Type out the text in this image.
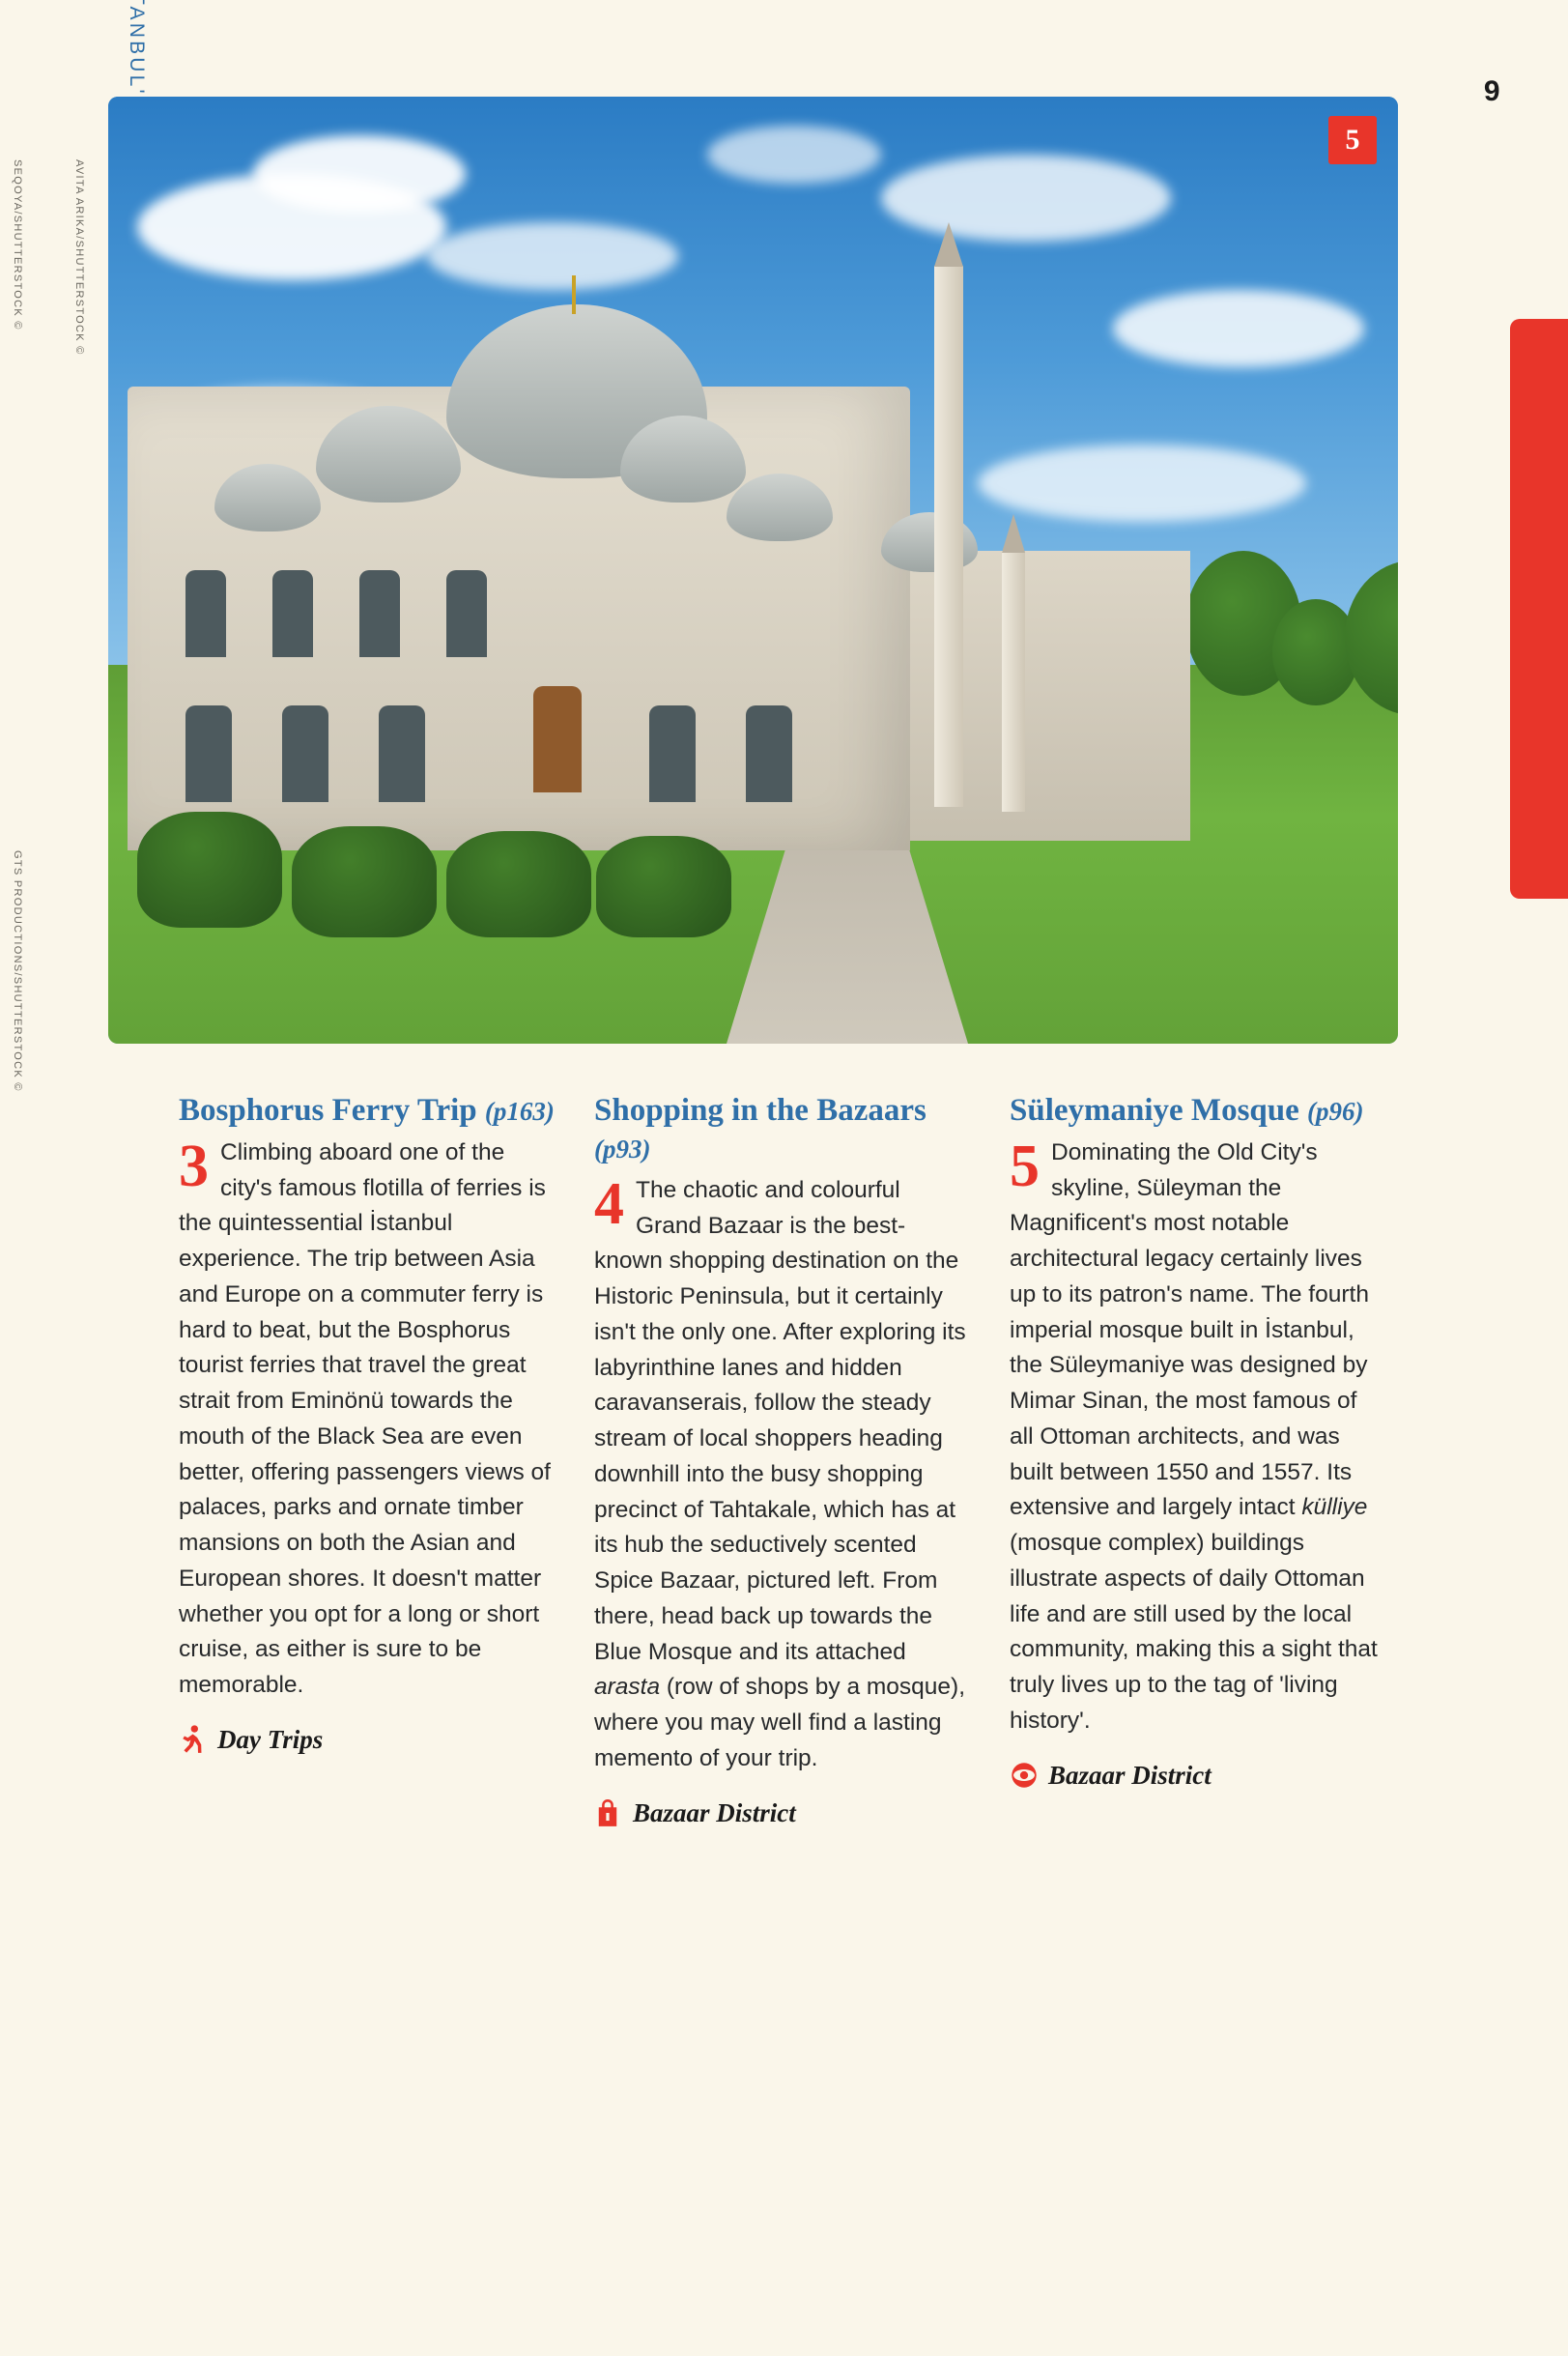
9
SEQOYA/SHUTTERSTOCK ©	AVITA ARIKA/SHUTTERSTOCK ©
GTS PRODUCTIONS/SHUTTERSTOCK ©
5
Bosphorus Ferry Trip (p163)
3 Climbing aboard one of the city's famous flotilla of ferries is the quintessential İstanbul experience. The trip between Asia and Europe on a commuter ferry is hard to beat, but the Bosphorus tourist ferries that travel the great strait from Eminönü towards the mouth of the Black Sea are even better, offering passengers views of palaces, parks and ornate timber mansions on both the Asian and European shores. It doesn't matter whether you opt for a long or short cruise, as either is sure to be memorable.
Day Trips
Shopping in the Bazaars (p93)
4 The chaotic and colourful Grand Bazaar is the best-known shopping destination on the Historic Peninsula, but it certainly isn't the only one. After exploring its labyrinthine lanes and hidden caravanserais, follow the steady stream of local shoppers heading downhill into the busy shopping precinct of Tahtakale, which has at its hub the seductively scented Spice Bazaar, pictured left. From there, head back up towards the Blue Mosque and its attached arasta (row of shops by a mosque), where you may well find a lasting memento of your trip.
Bazaar District
Süleymaniye Mosque (p96)
5 Dominating the Old City's skyline, Süleyman the Magnificent's most notable architectural legacy certainly lives up to its patron's name. The fourth imperial mosque built in İstanbul, the Süleymaniye was designed by Mimar Sinan, the most famous of all Ottoman architects, and was built between 1550 and 1557. Its extensive and largely intact külliye (mosque complex) buildings illustrate aspects of daily Ottoman life and are still used by the local community, making this a sight that truly lives up to the tag of 'living history'.
Bazaar District
